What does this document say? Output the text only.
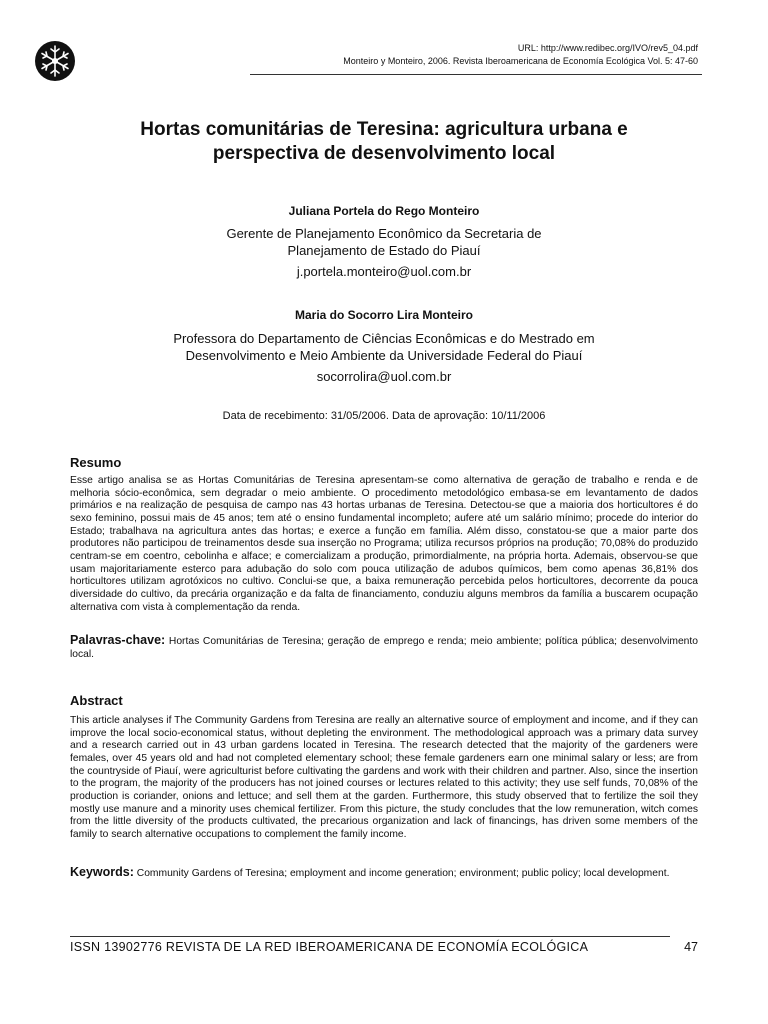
URL: http://www.redibec.org/IVO/rev5_04.pdf
Monteiro y Monteiro, 2006. Revista Iberoamericana de Economía Ecológica Vol. 5: 47-60
Hortas comunitárias de Teresina: agricultura urbana e
perspectiva de desenvolvimento local
Juliana Portela do Rego Monteiro
Gerente de Planejamento Econômico da Secretaria de
Planejamento de Estado do Piauí
j.portela.monteiro@uol.com.br
Maria do Socorro Lira Monteiro
Professora do Departamento de Ciências Econômicas e do Mestrado em
Desenvolvimento e Meio Ambiente da Universidade Federal do Piauí
socorrolira@uol.com.br
Data de recebimento: 31/05/2006. Data de aprovação: 10/11/2006
Resumo

Esse artigo analisa se as Hortas Comunitárias de Teresina apresentam-se como alternativa de geração de trabalho e renda e de melhoria sócio-econômica, sem degradar o meio ambiente. O procedimento metodológico embasa-se em levantamento de dados primários e na realização de pesquisa de campo nas 43 hortas urbanas de Teresina. Detectou-se que a maioria dos horticultores é do sexo feminino, possui mais de 45 anos; tem até o ensino fundamental incompleto; aufere até um salário mínimo; procede do interior do Estado; trabalhava na agricultura antes das hortas; e exerce a função em família. Além disso, constatou-se que a maior parte dos produtores não participou de treinamentos desde sua inserção no Programa; utiliza recursos próprios na produção; 70,08% do produzido centram-se em coentro, cebolinha e alface; e comercializam a produção, primordialmente, na própria horta. Ademais, observou-se que usam majoritariamente esterco para adubação do solo com pouca utilização de adubos químicos, bem como apenas 36,81% dos horticultores utilizam agrotóxicos no cultivo. Conclui-se que, a baixa remuneração percebida pelos horticultores, decorrente da pouca diversidade do cultivo, da precária organização e da falta de financiamento, conduziu alguns membros da família a buscarem ocupação alternativa com vista à complementação da renda.

Palavras-chave: Hortas Comunitárias de Teresina; geração de emprego e renda; meio ambiente; política pública; desenvolvimento local.

Abstract

This article analyses if The Community Gardens from Teresina are really an alternative source of employment and income, and if they can improve the local socio-economical status, without depleting the environment. The methodological approach was a primary data survey and a research carried out in 43 urban gardens located in Teresina. The research detected that the majority of the gardeners were females, over 45 years old and had not completed elementary school; these female gardeners earn one minimal salary or less; are from the countryside of Piauí, were agriculturist before cultivating the gardens and work with their children and partner. Also, since the insertion to the program, the majority of the producers has not joined courses or lectures related to this activity; they use self funds, 70,08% of the production is coriander, onions and lettuce; and sell them at the garden. Furthermore, this study observed that to fertilize the soil they mostly use manure and a minority uses chemical fertilizer. From this picture, the study concludes that the low remuneration, witch comes from the little diversity of the products cultivated, the precarious organization and lack of financings, has driven some members of the family to search alternative occupations to complement the family income.

Keywords: Community Gardens of Teresina; employment and income generation; environment; public policy; local development.

ISSN 13902776 REVISTA DE LA RED IBEROAMERICANA DE ECONOMÍA ECOLÓGICA	47
